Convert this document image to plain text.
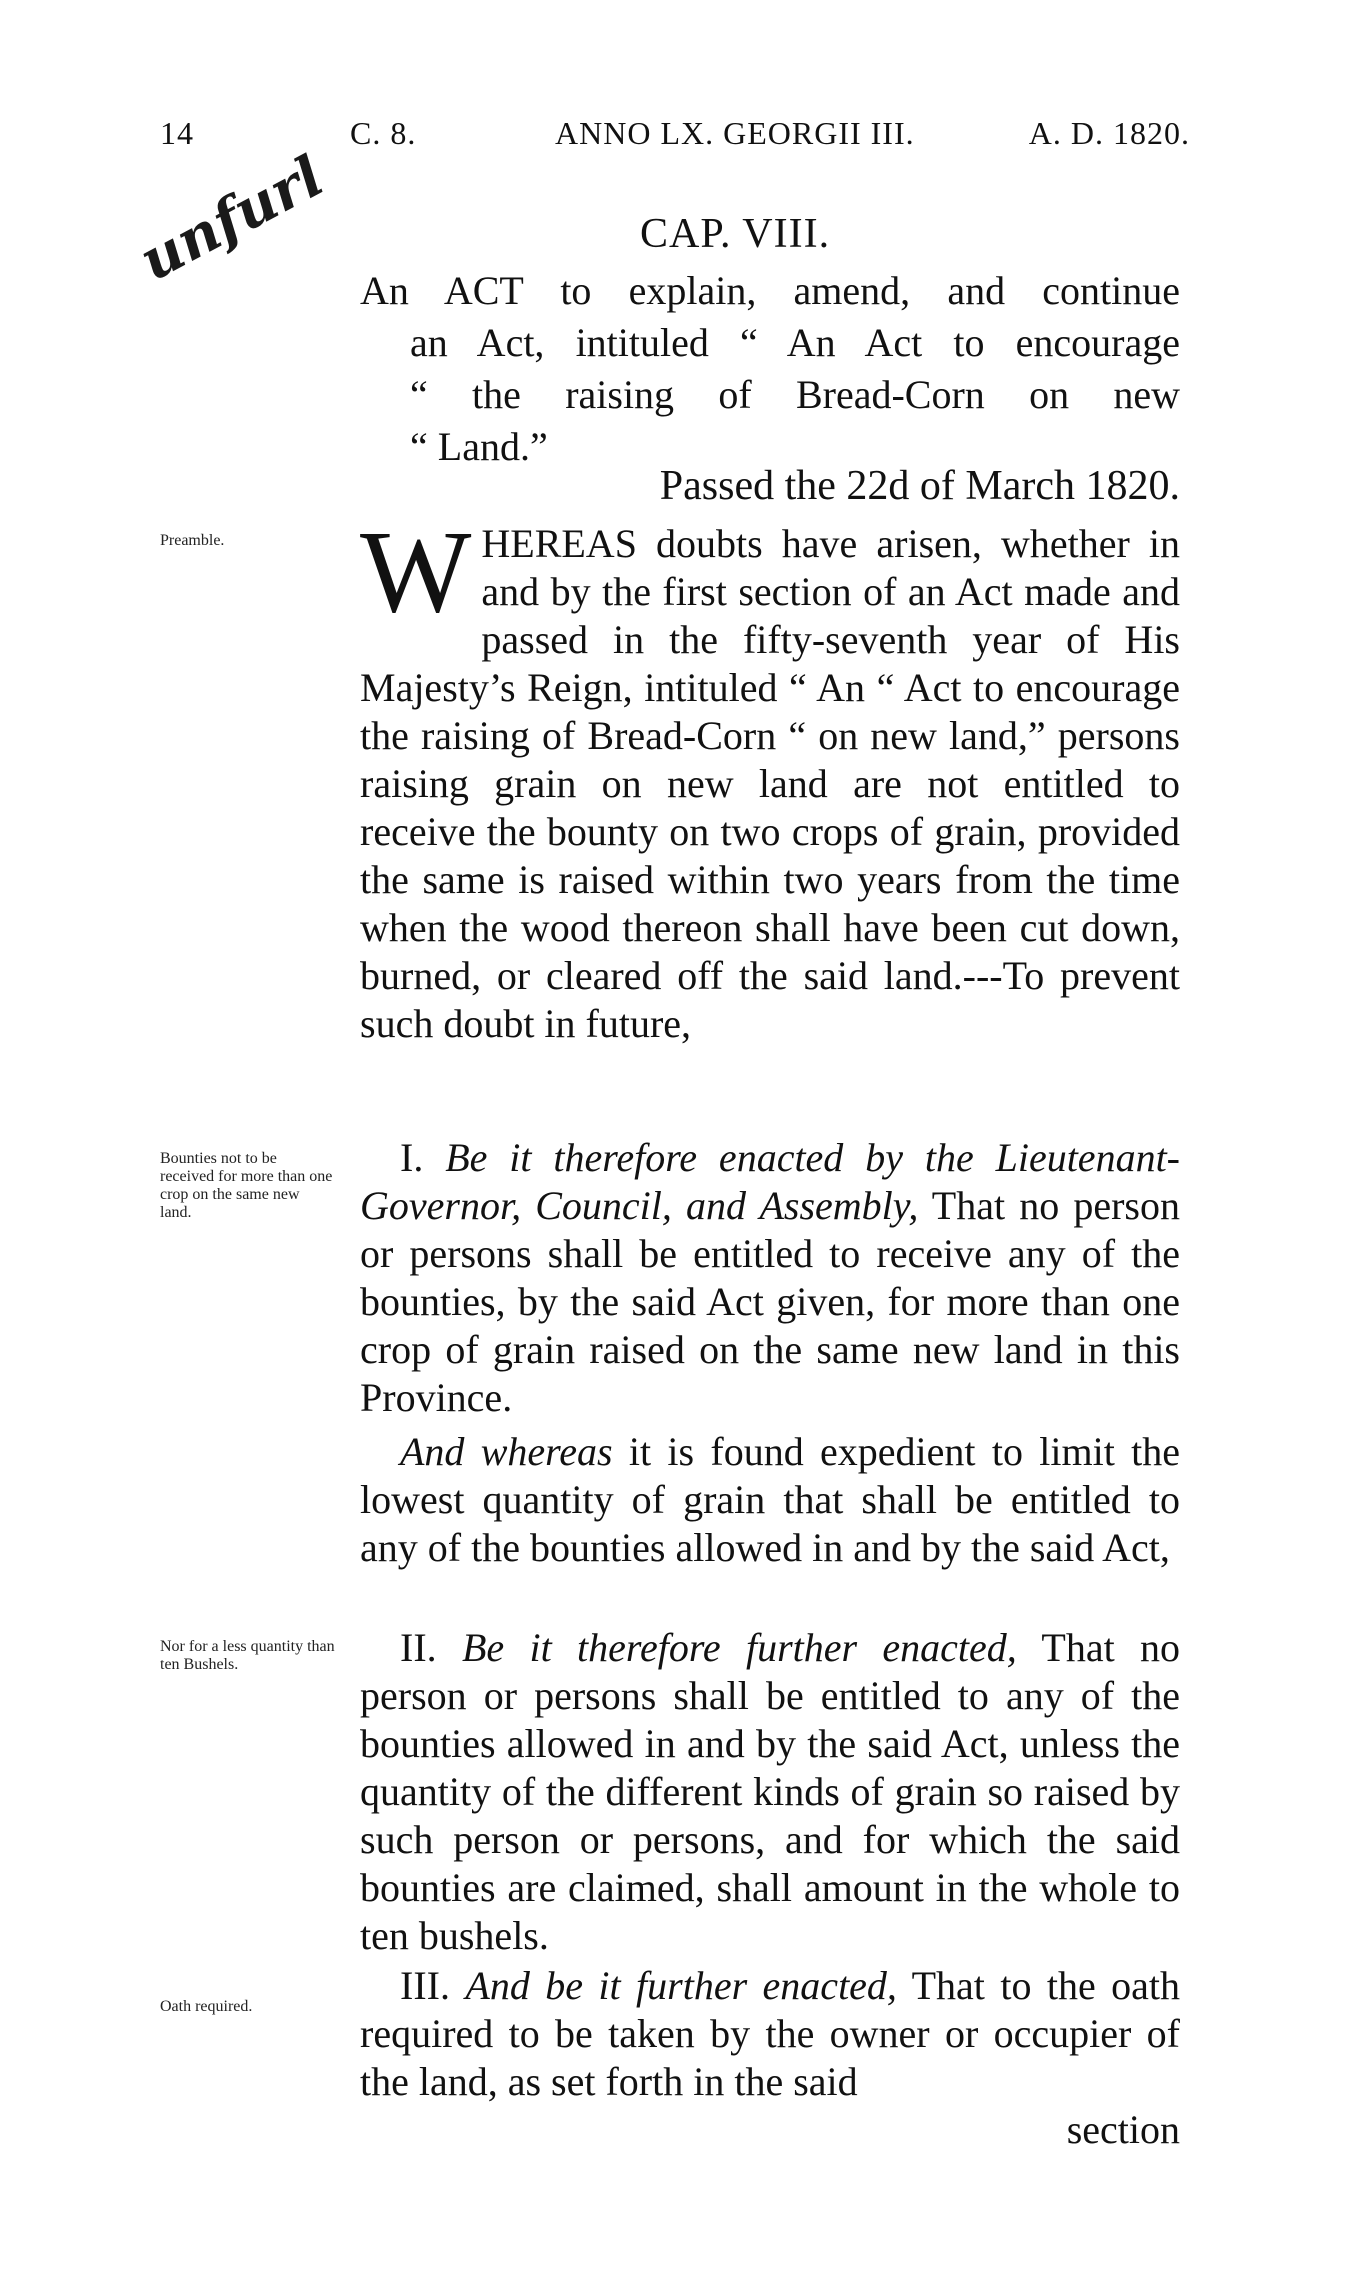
14	C. 8.	ANNO LX. GEORGII III.	A. D. 1820.
unfurl	CAP. VIII.

An ACT to explain, amend, and continue

an Act, intituled “ An Act to encourage

“ the raising of Bread-Corn on new

“ Land.”

Passed the 22d of March 1820.
Preamble.
Bounties not to be received for more than one crop on the same new land.
Nor for a less quantity than ten Bushels.
Oath required.
WHEREAS doubts have arisen, whether in and by the first section of an Act made and passed in the fifty-seventh year of His Majesty’s Reign, intituled “ An “ Act to encourage the raising of Bread-Corn “ on new land,” persons raising grain on new land are not entitled to receive the bounty on two crops of grain, provided the same is raised within two years from the time when the wood thereon shall have been cut down, burned, or cleared off the said land.---To prevent such doubt in future,

I. Be it therefore enacted by the Lieutenant-Governor, Council, and Assembly, That no person or persons shall be entitled to receive any of the bounties, by the said Act given, for more than one crop of grain raised on the same new land in this Province.

And whereas it is found expedient to limit the lowest quantity of grain that shall be entitled to any of the bounties allowed in and by the said Act,

II. Be it therefore further enacted, That no person or persons shall be entitled to any of the bounties allowed in and by the said Act, unless the quantity of the different kinds of grain so raised by such person or persons, and for which the said bounties are claimed, shall amount in the whole to ten bushels.

III. And be it further enacted, That to the oath required to be taken by the owner or occupier of the land, as set forth in the said

section
